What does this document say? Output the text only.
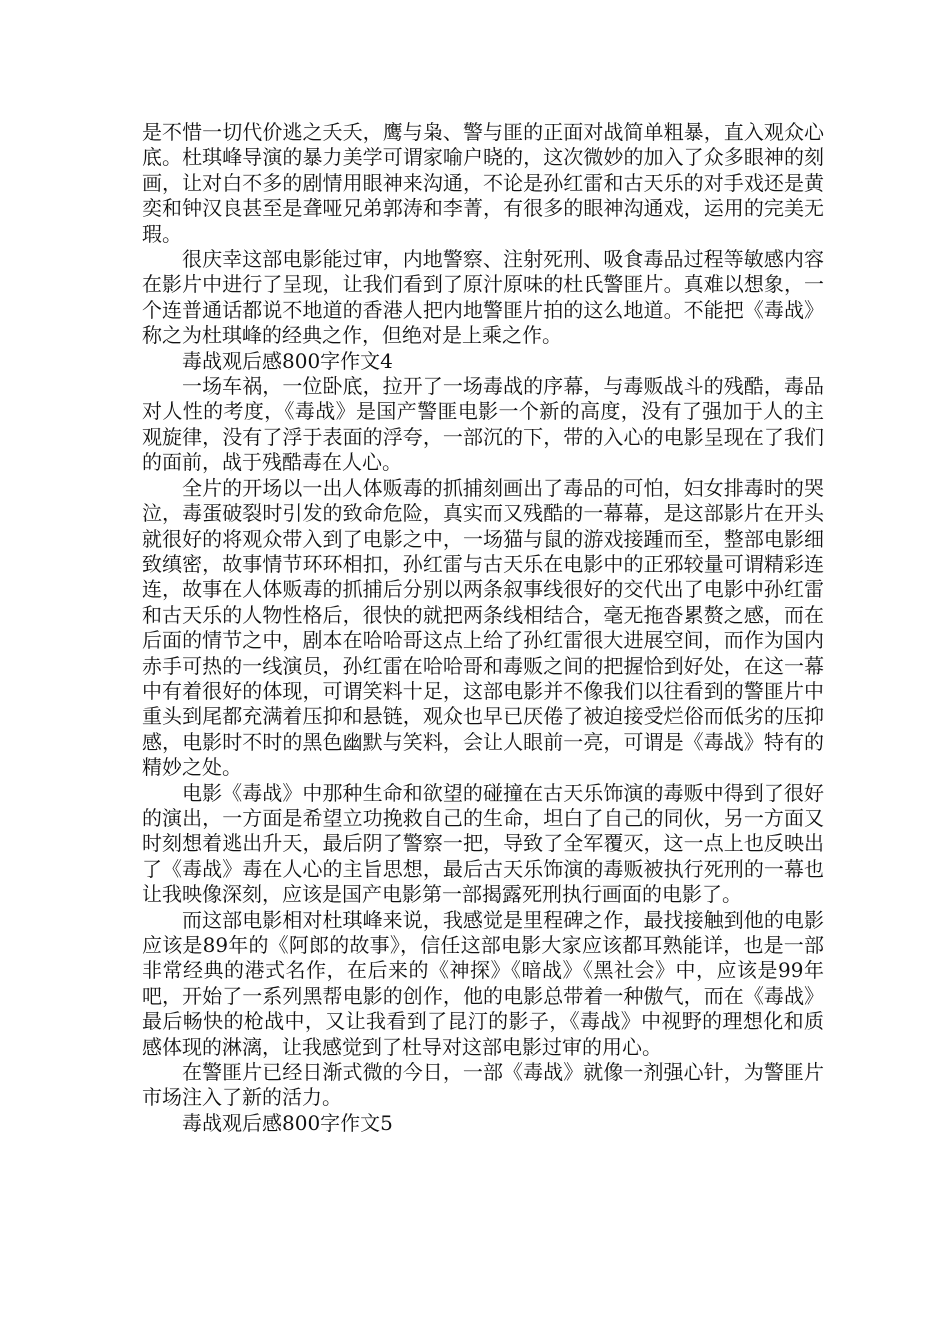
是不惜一切代价逃之夭夭，鹰与枭、警与匪的正面对战简单粗暴，直入观众心底。杜琪峰导演的暴力美学可谓家喻户晓的，这次微妙的加入了众多眼神的刻画，让对白不多的剧情用眼神来沟通，不论是孙红雷和古天乐的对手戏还是黄奕和钟汉良甚至是聋哑兄弟郭涛和李菁，有很多的眼神沟通戏，运用的完美无瑕。

很庆幸这部电影能过审，内地警察、注射死刑、吸食毒品过程等敏感内容在影片中进行了呈现，让我们看到了原汁原味的杜氏警匪片。真难以想象，一个连普通话都说不地道的香港人把内地警匪片拍的这么地道。不能把《毒战》称之为杜琪峰的经典之作，但绝对是上乘之作。

毒战观后感800字作文4

一场车祸，一位卧底，拉开了一场毒战的序幕，与毒贩战斗的残酷，毒品对人性的考度，《毒战》是国产警匪电影一个新的高度，没有了强加于人的主观旋律，没有了浮于表面的浮夸，一部沉的下，带的入心的电影呈现在了我们的面前，战于残酷毒在人心。

全片的开场以一出人体贩毒的抓捕刻画出了毒品的可怕，妇女排毒时的哭泣，毒蛋破裂时引发的致命危险，真实而又残酷的一幕幕，是这部影片在开头就很好的将观众带入到了电影之中，一场猫与鼠的游戏接踵而至，整部电影细致缜密，故事情节环环相扣，孙红雷与古天乐在电影中的正邪较量可谓精彩连连，故事在人体贩毒的抓捕后分别以两条叙事线很好的交代出了电影中孙红雷和古天乐的人物性格后，很快的就把两条线相结合，毫无拖沓累赘之感，而在后面的情节之中，剧本在哈哈哥这点上给了孙红雷很大进展空间，而作为国内赤手可热的一线演员，孙红雷在哈哈哥和毒贩之间的把握恰到好处，在这一幕中有着很好的体现，可谓笑料十足，这部电影并不像我们以往看到的警匪片中重头到尾都充满着压抑和悬链，观众也早已厌倦了被迫接受烂俗而低劣的压抑感，电影时不时的黑色幽默与笑料，会让人眼前一亮，可谓是《毒战》特有的精妙之处。

电影《毒战》中那种生命和欲望的碰撞在古天乐饰演的毒贩中得到了很好的演出，一方面是希望立功挽救自己的生命，坦白了自己的同伙，另一方面又时刻想着逃出升天，最后阴了警察一把，导致了全军覆灭，这一点上也反映出了《毒战》毒在人心的主旨思想，最后古天乐饰演的毒贩被执行死刑的一幕也让我映像深刻，应该是国产电影第一部揭露死刑执行画面的电影了。

而这部电影相对杜琪峰来说，我感觉是里程碑之作，最找接触到他的电影应该是89年的《阿郎的故事》，信任这部电影大家应该都耳熟能详，也是一部非常经典的港式名作，在后来的《神探》《暗战》《黑社会》中，应该是99年吧，开始了一系列黑帮电影的创作，他的电影总带着一种傲气，而在《毒战》最后畅快的枪战中，又让我看到了昆汀的影子，《毒战》中视野的理想化和质感体现的淋漓，让我感觉到了杜导对这部电影过审的用心。

在警匪片已经日渐式微的今日，一部《毒战》就像一剂强心针，为警匪片市场注入了新的活力。

毒战观后感800字作文5
